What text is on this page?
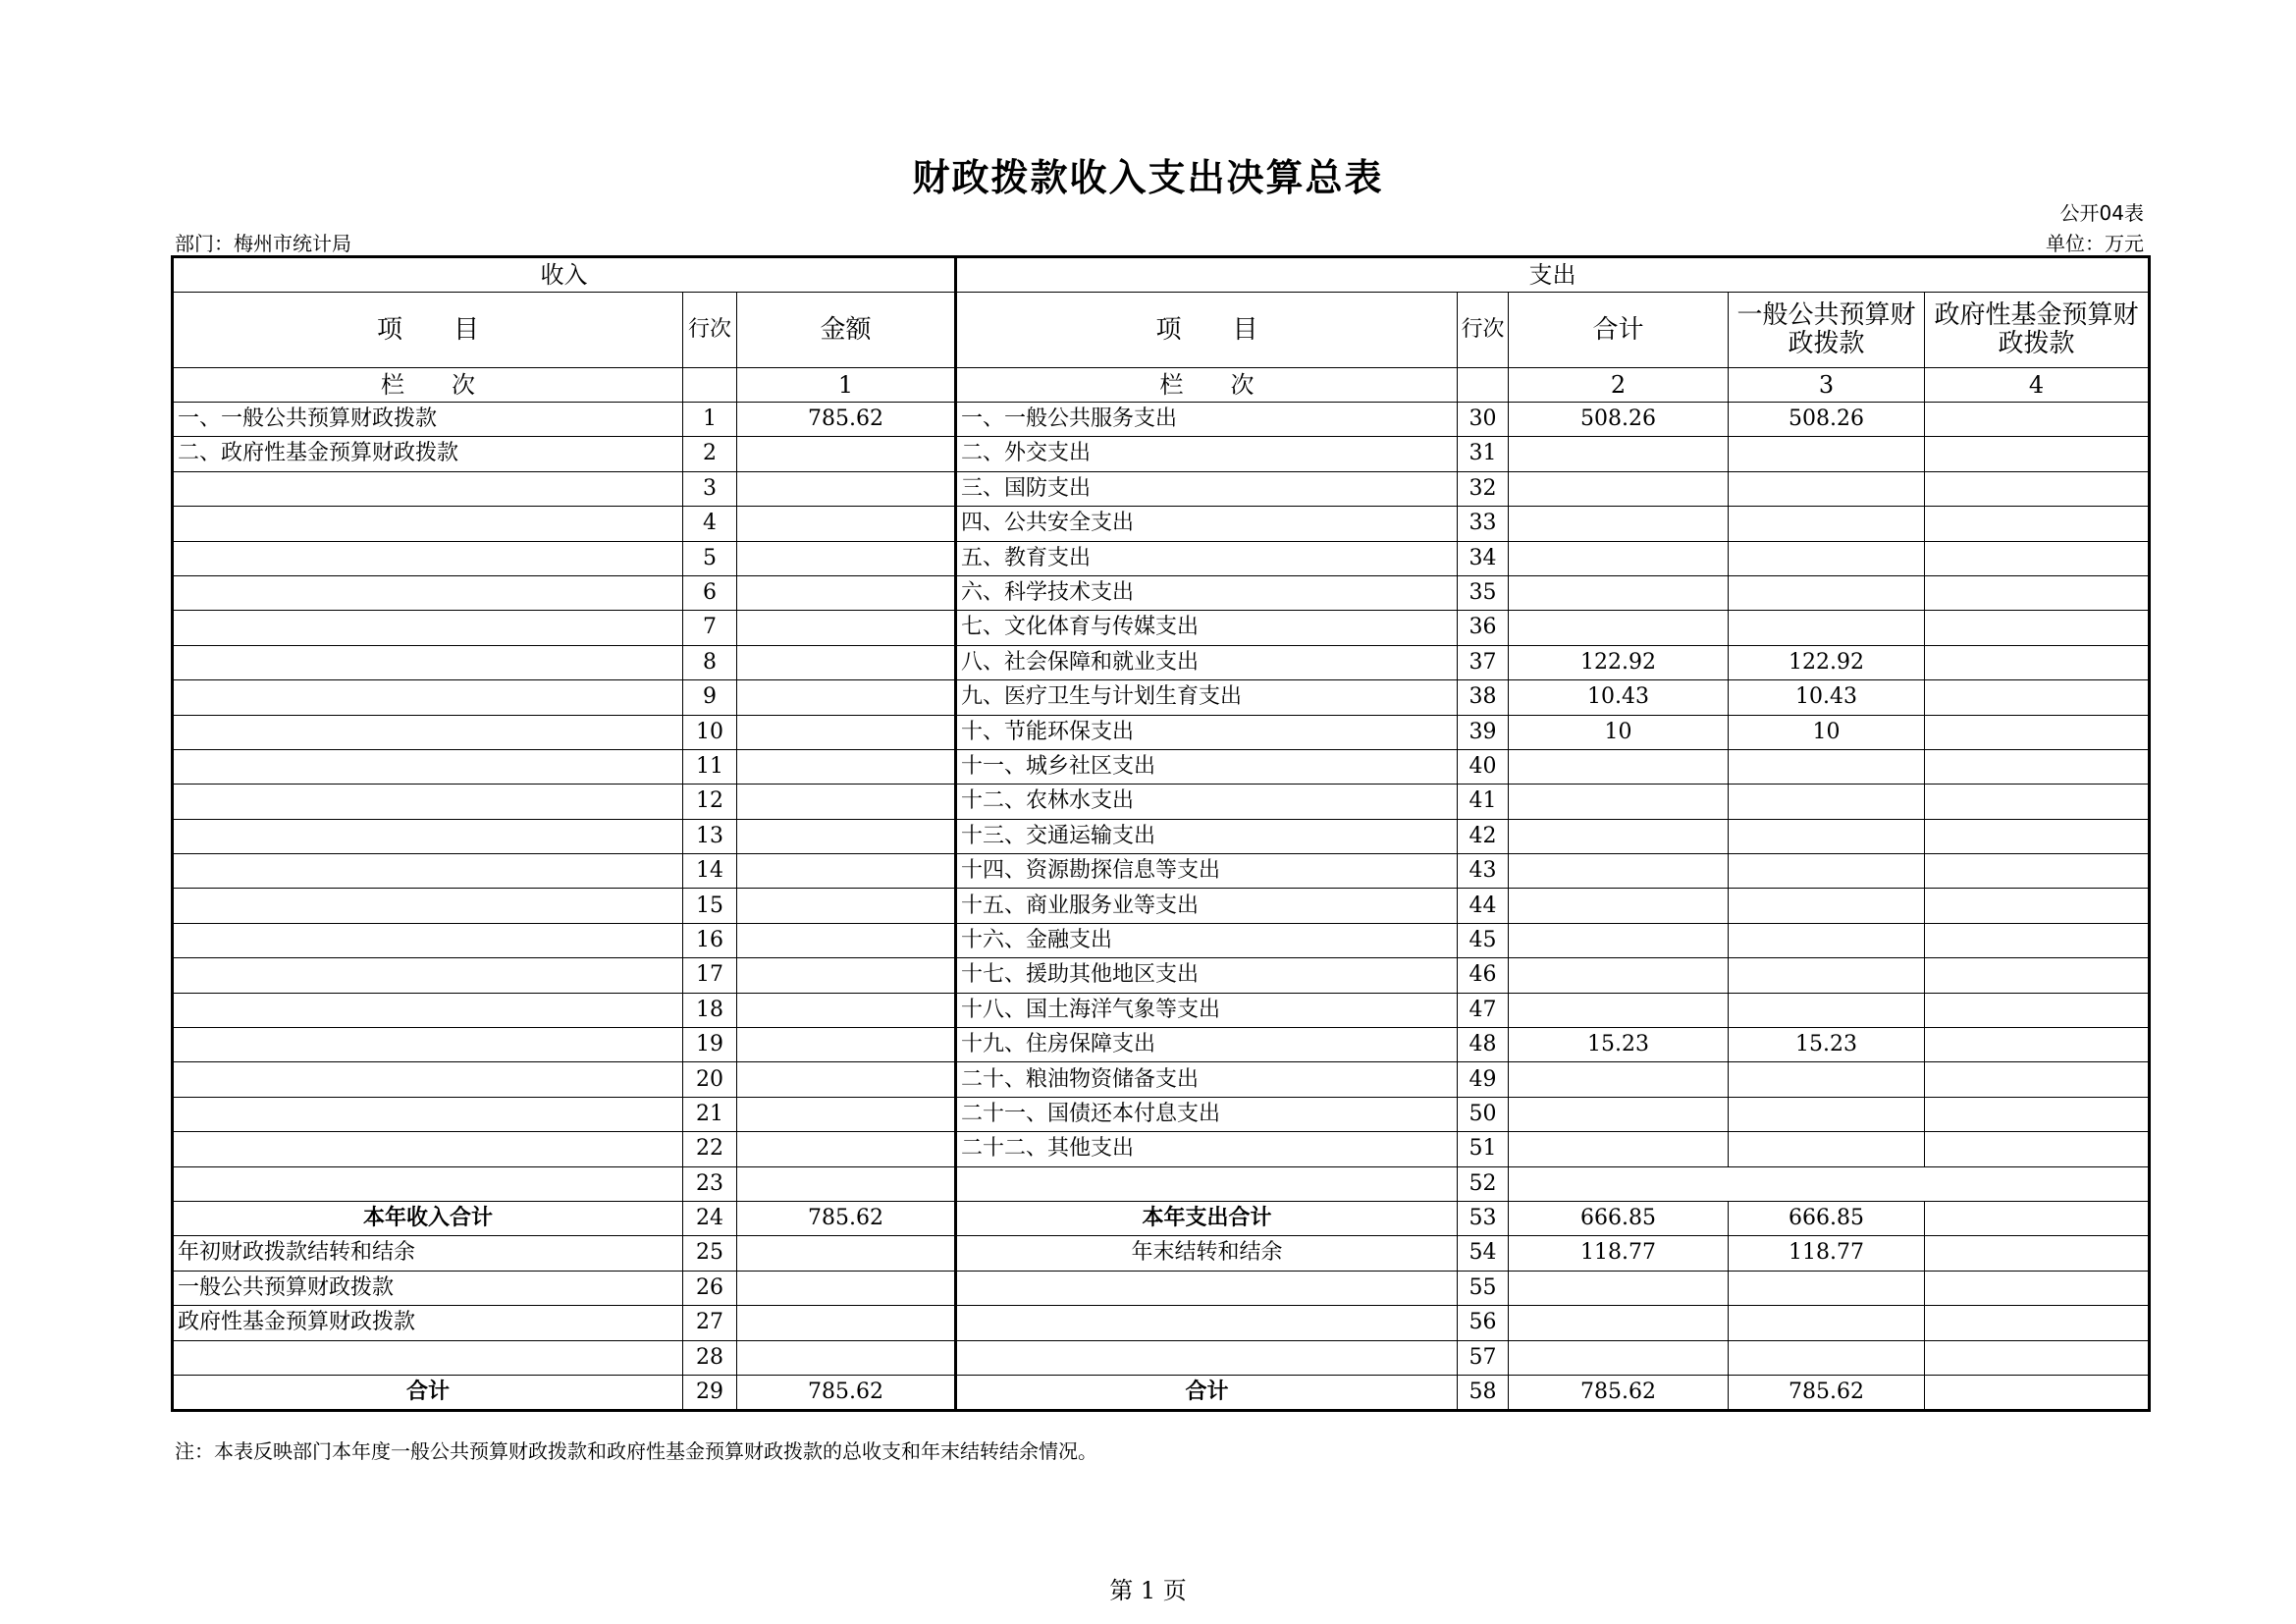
财政拨款收入支出决算总表
公开04表
部门：梅州市统计局	单位：万元
收入			支出				
项　　目	行次	金额	项　　目	行次	合计	一般公共预算财政拨款	政府性基金预算财政拨款
栏　　次		1	栏　　次		2	3	4
一、一般公共预算财政拨款	1	785.62	一、一般公共服务支出	30	508.26	508.26	
二、政府性基金预算财政拨款	2		二、外交支出	31			
	3		三、国防支出	32			
	4		四、公共安全支出	33			
	5		五、教育支出	34			
	6		六、科学技术支出	35			
	7		七、文化体育与传媒支出	36			
	8		八、社会保障和就业支出	37	122.92	122.92	
	9		九、医疗卫生与计划生育支出	38	10.43	10.43	
	10		十、节能环保支出	39	10	10	
	11		十一、城乡社区支出	40			
	12		十二、农林水支出	41			
	13		十三、交通运输支出	42			
	14		十四、资源勘探信息等支出	43			
	15		十五、商业服务业等支出	44			
	16		十六、金融支出	45			
	17		十七、援助其他地区支出	46			
	18		十八、国土海洋气象等支出	47			
	19		十九、住房保障支出	48	15.23	15.23	
	20		二十、粮油物资储备支出	49			
	21		二十一、国债还本付息支出	50			
	22		二十二、其他支出	51			
	23			52			
本年收入合计	24	785.62	本年支出合计	53	666.85	666.85	
年初财政拨款结转和结余	25		年末结转和结余	54	118.77	118.77	
一般公共预算财政拨款	26			55			
政府性基金预算财政拨款	27			56			
	28			57			
合计	29	785.62	合计	58	785.62	785.62	
注：本表反映部门本年度一般公共预算财政拨款和政府性基金预算财政拨款的总收支和年末结转结余情况。
第 1 页
